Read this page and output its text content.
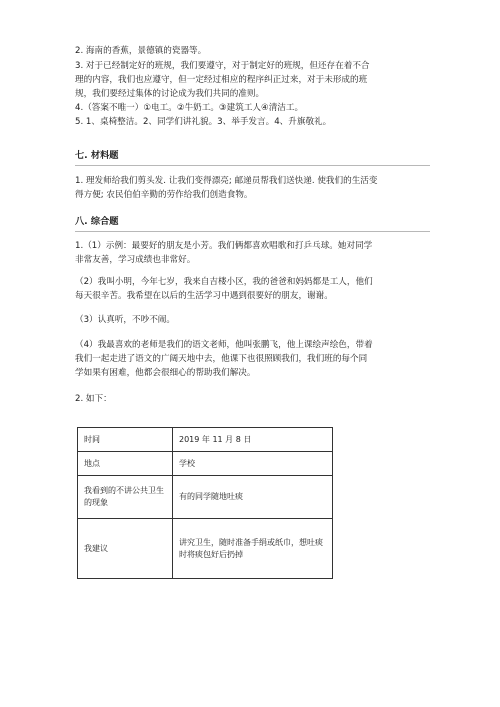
2. 海南的香蕉，景德镇的瓷器等。

3. 对于已经制定好的班规，我们要遵守，对于制定好的班规，但还存在着不合

理的内容，我们也应遵守，但一定经过相应的程序纠正过来，对于未形成的班

规，我们要经过集体的讨论成为我们共同的准则。

4.（答案不唯一）①电工。②牛奶工。③建筑工人④清洁工。

5. 1、桌椅整洁。2、同学们讲礼貌。3、举手发言。4、升旗敬礼。

七. 材料题

1. 理发师给我们剪头发. 让我们变得漂亮; 邮递员帮我们送快递. 使我们的生活变

得方便; 农民伯伯辛勤的劳作给我们创造食物。

八. 综合题

1.（1）示例：最要好的朋友是小芳。我们俩都喜欢唱歌和打乒乓球。她对同学

非常友善，学习成绩也非常好。

（2）我叫小明，今年七岁，我来自吉楼小区，我的爸爸和妈妈都是工人，他们

每天很辛苦。我希望在以后的生活学习中遇到很要好的朋友，谢谢。

（3）认真听，不吵不闹。

（4）我最喜欢的老师是我们的语文老师，他叫张鹏飞，他上课绘声绘色，带着

我们一起走进了语文的广阔天地中去，他课下也很照顾我们，我们班的每个同

学如果有困难，他都会很细心的帮助我们解决。

2. 如下：

时间	2019 年 11 月 8 日
地点	学校
我看到的不讲公共卫生的现象	有的同学随地吐痰
我建议	讲究卫生，随时准备手绢或纸巾，想吐痰时将痰包好后扔掉
